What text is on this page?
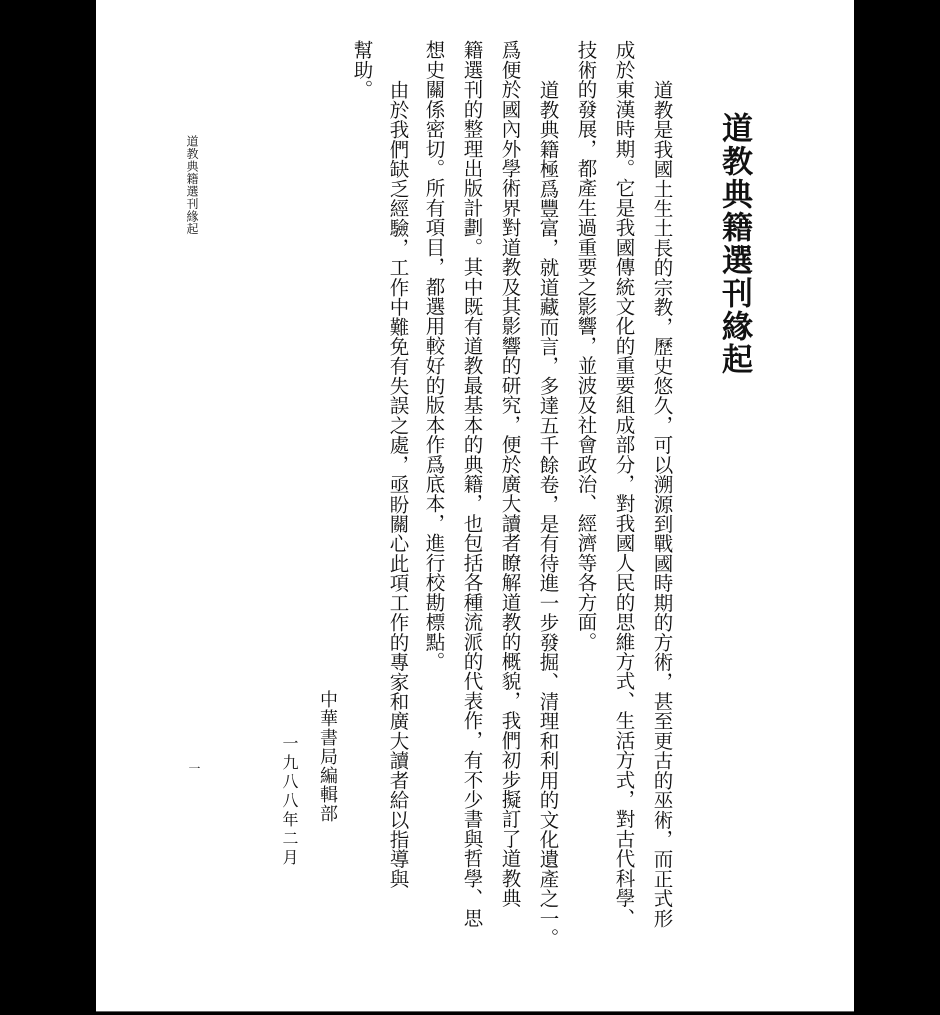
道教典籍選刊緣起
道教是我國土生土長的宗教，歷史悠久，可以溯源到戰國時期的方術，甚至更古的巫術，而正式形
成於東漢時期。它是我國傳統文化的重要組成部分，對我國人民的思維方式、生活方式，對古代科學、
技術的發展，都產生過重要之影響，並波及社會政治、經濟等各方面。
道教典籍極爲豐富，就道藏而言，多達五千餘卷，是有待進一步發掘、清理和利用的文化遺產之一。
爲便於國內外學術界對道教及其影響的研究，便於廣大讀者瞭解道教的概貌，我們初步擬訂了道教典
籍選刊的整理出版計劃。其中既有道教最基本的典籍，也包括各種流派的代表作，有不少書與哲學、思
想史關係密切。所有項目，都選用較好的版本作爲底本，進行校勘標點。
由於我們缺乏經驗，工作中難免有失誤之處，亟盼關心此項工作的專家和廣大讀者給以指導與
幫助。
中華書局編輯部
一九八八年二月
道教典籍選刊緣起
一
